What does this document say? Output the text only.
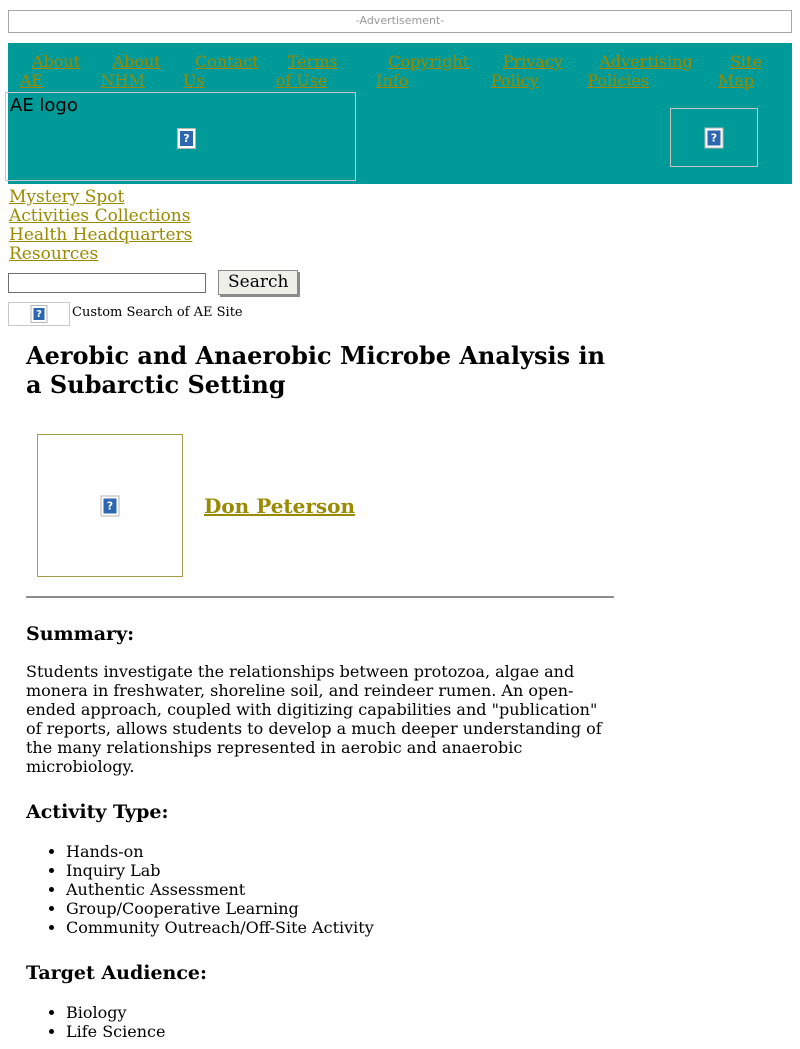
-Advertisement-
About AE
About NHM
Contact Us
Terms of Use
Copyright Info
Privacy Policy
Advertising Policies
Site Map
AE logo
?	?
Mystery Spot
Activities Collections
Health Headquarters
Resources
Search
?	Custom Search of AE Site
Aerobic and Anaerobic Microbe Analysis in a Subarctic Setting
?	Don Peterson
Summary:

Students investigate the relationships between protozoa, algae and monera in freshwater, shoreline soil, and reindeer rumen. An open-ended approach, coupled with digitizing capabilities and "publication" of reports, allows students to develop a much deeper understanding of the many relationships represented in aerobic and anaerobic microbiology.

Activity Type:
• Hands-on
• Inquiry Lab
• Authentic Assessment
• Group/Cooperative Learning
• Community Outreach/Off-Site Activity
Target Audience:
• Biology
• Life Science
